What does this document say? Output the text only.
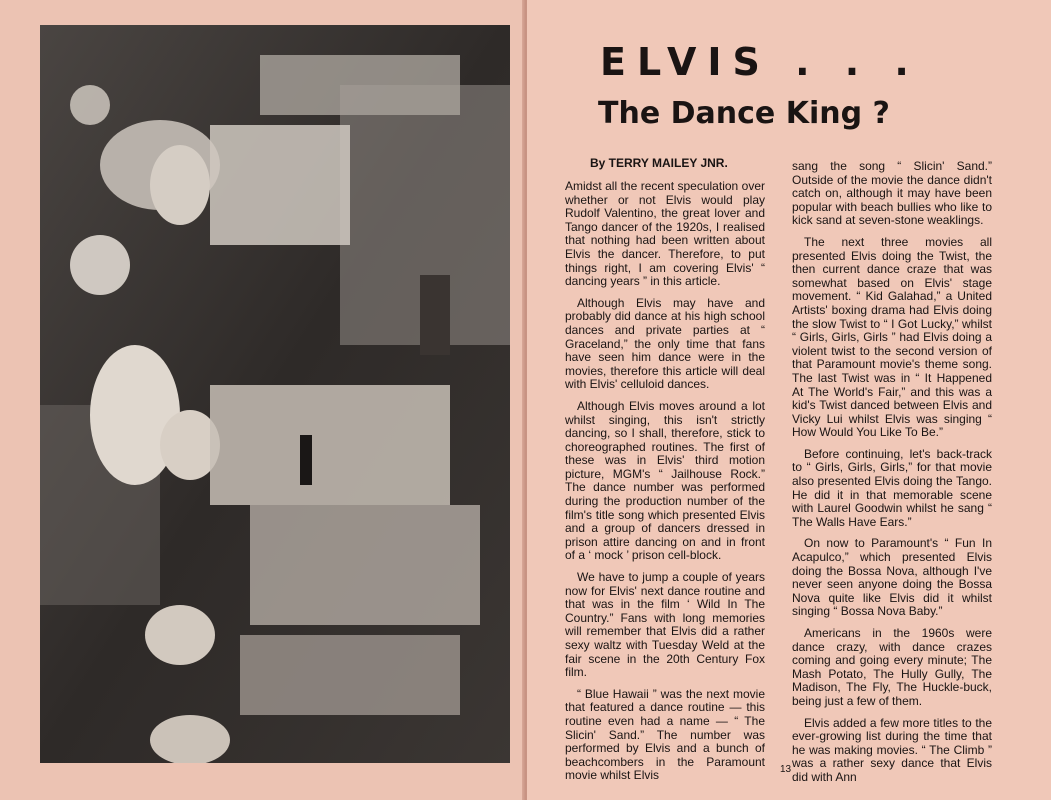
ELVIS . . .
The Dance King ?
By TERRY MAILEY JNR.

Amidst all the recent speculation over whether or not Elvis would play Rudolf Valentino, the great lover and Tango dancer of the 1920s, I realised that nothing had been written about Elvis the dancer. Therefore, to put things right, I am covering Elvis' “ dancing years ” in this article.

Although Elvis may have and probably did dance at his high school dances and private parties at “ Graceland,” the only time that fans have seen him dance were in the movies, therefore this article will deal with Elvis' celluloid dances.

Although Elvis moves around a lot whilst singing, this isn't strictly dancing, so I shall, therefore, stick to choreographed routines. The first of these was in Elvis' third motion picture, MGM's “ Jailhouse Rock.” The dance number was performed during the production number of the film's title song which presented Elvis and a group of dancers dressed in prison attire dancing on and in front of a ‘ mock ’ prison cell-block.

We have to jump a couple of years now for Elvis' next dance routine and that was in the film ‘ Wild In The Country.” Fans with long memories will remember that Elvis did a rather sexy waltz with Tuesday Weld at the fair scene in the 20th Century Fox film.

“ Blue Hawaii ” was the next movie that featured a dance routine — this routine even had a name — “ The Slicin' Sand.” The number was performed by Elvis and a bunch of beachcombers in the Paramount movie whilst Elvis

sang the song “ Slicin' Sand.” Outside of the movie the dance didn't catch on, although it may have been popular with beach bullies who like to kick sand at seven-stone weaklings.

The next three movies all presented Elvis doing the Twist, the then current dance craze that was somewhat based on Elvis' stage movement. “ Kid Galahad,” a United Artists' boxing drama had Elvis doing the slow Twist to “ I Got Lucky,” whilst “ Girls, Girls, Girls ” had Elvis doing a violent twist to the second version of that Paramount movie's theme song. The last Twist was in “ It Happened At The World's Fair,” and this was a kid's Twist danced between Elvis and Vicky Lui whilst Elvis was singing “ How Would You Like To Be.”

Before continuing, let's back-track to “ Girls, Girls, Girls,” for that movie also presented Elvis doing the Tango. He did it in that memorable scene with Laurel Goodwin whilst he sang “ The Walls Have Ears.”

On now to Paramount's “ Fun In Acapulco,” which presented Elvis doing the Bossa Nova, although I've never seen anyone doing the Bossa Nova quite like Elvis did it whilst singing “ Bossa Nova Baby.”

Americans in the 1960s were dance crazy, with dance crazes coming and going every minute; The Mash Potato, The Hully Gully, The Madison, The Fly, The Huckle-buck, being just a few of them.

Elvis added a few more titles to the ever-growing list during the time that he was making movies. “ The Climb ” was a rather sexy dance that Elvis did with Ann

13
